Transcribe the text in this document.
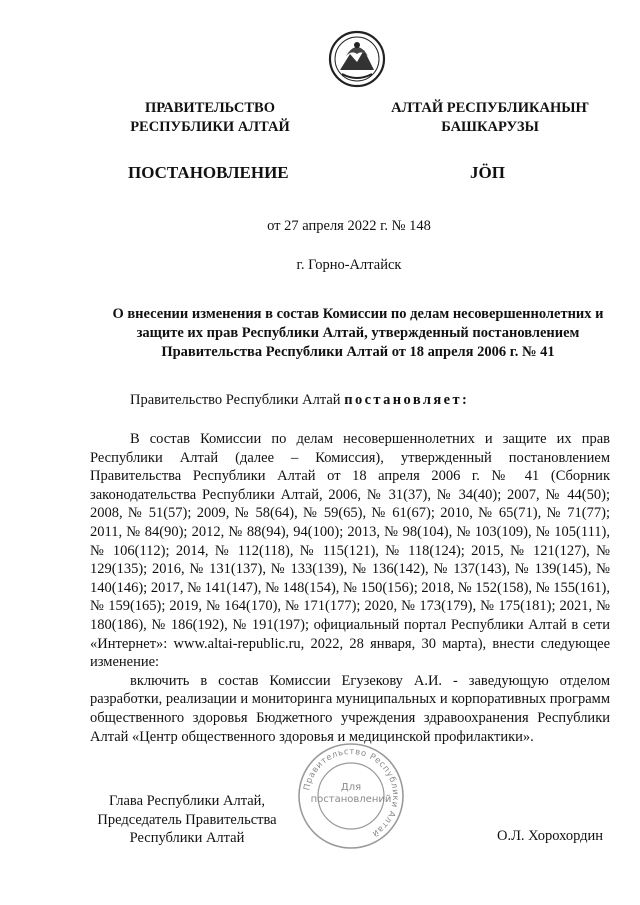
ПРАВИТЕЛЬСТВО
РЕСПУБЛИКИ АЛТАЙ
АЛТАЙ РЕСПУБЛИКАНЫҤ
БАШКАРУЗЫ
ПОСТАНОВЛЕНИЕ	JӦП
от 27 апреля 2022 г. № 148
г. Горно-Алтайск
О внесении изменения в состав Комиссии по делам несовершеннолетних и защите их прав Республики Алтай, утвержденный постановлением Правительства Республики Алтай от 18 апреля 2006 г. № 41
Правительство Республики Алтай постановляет:

В состав Комиссии по делам несовершеннолетних и защите их прав Республики Алтай (далее – Комиссия), утвержденный постановлением Правительства Республики Алтай от 18 апреля 2006 г. № 41 (Сборник законодательства Республики Алтай, 2006, № 31(37), № 34(40); 2007, № 44(50); 2008, № 51(57); 2009, № 58(64), № 59(65), № 61(67); 2010, № 65(71), № 71(77); 2011, № 84(90); 2012, № 88(94), 94(100); 2013, № 98(104), № 103(109), № 105(111), № 106(112); 2014, № 112(118), № 115(121), № 118(124); 2015, № 121(127), № 129(135); 2016, № 131(137), № 133(139), № 136(142), № 137(143), № 139(145), № 140(146); 2017, № 141(147), № 148(154), № 150(156); 2018, № 152(158), № 155(161), № 159(165); 2019, № 164(170), № 171(177); 2020, № 173(179), № 175(181); 2021, № 180(186), № 186(192), № 191(197); официальный портал Республики Алтай в сети «Интернет»: www.altai-republic.ru, 2022, 28 января, 30 марта), внести следующее изменение:

включить в состав Комиссии Егузекову А.И. - заведующую отделом разработки, реализации и мониторинга муниципальных и корпоративных программ общественного здоровья Бюджетного учреждения здравоохранения Республики Алтай «Центр общественного здоровья и медицинской профилактики».

Правительство Республики Алтай
Для
постановлений
Глава Республики Алтай,
Председатель Правительства
Республики Алтай	О.Л. Хорохордин
